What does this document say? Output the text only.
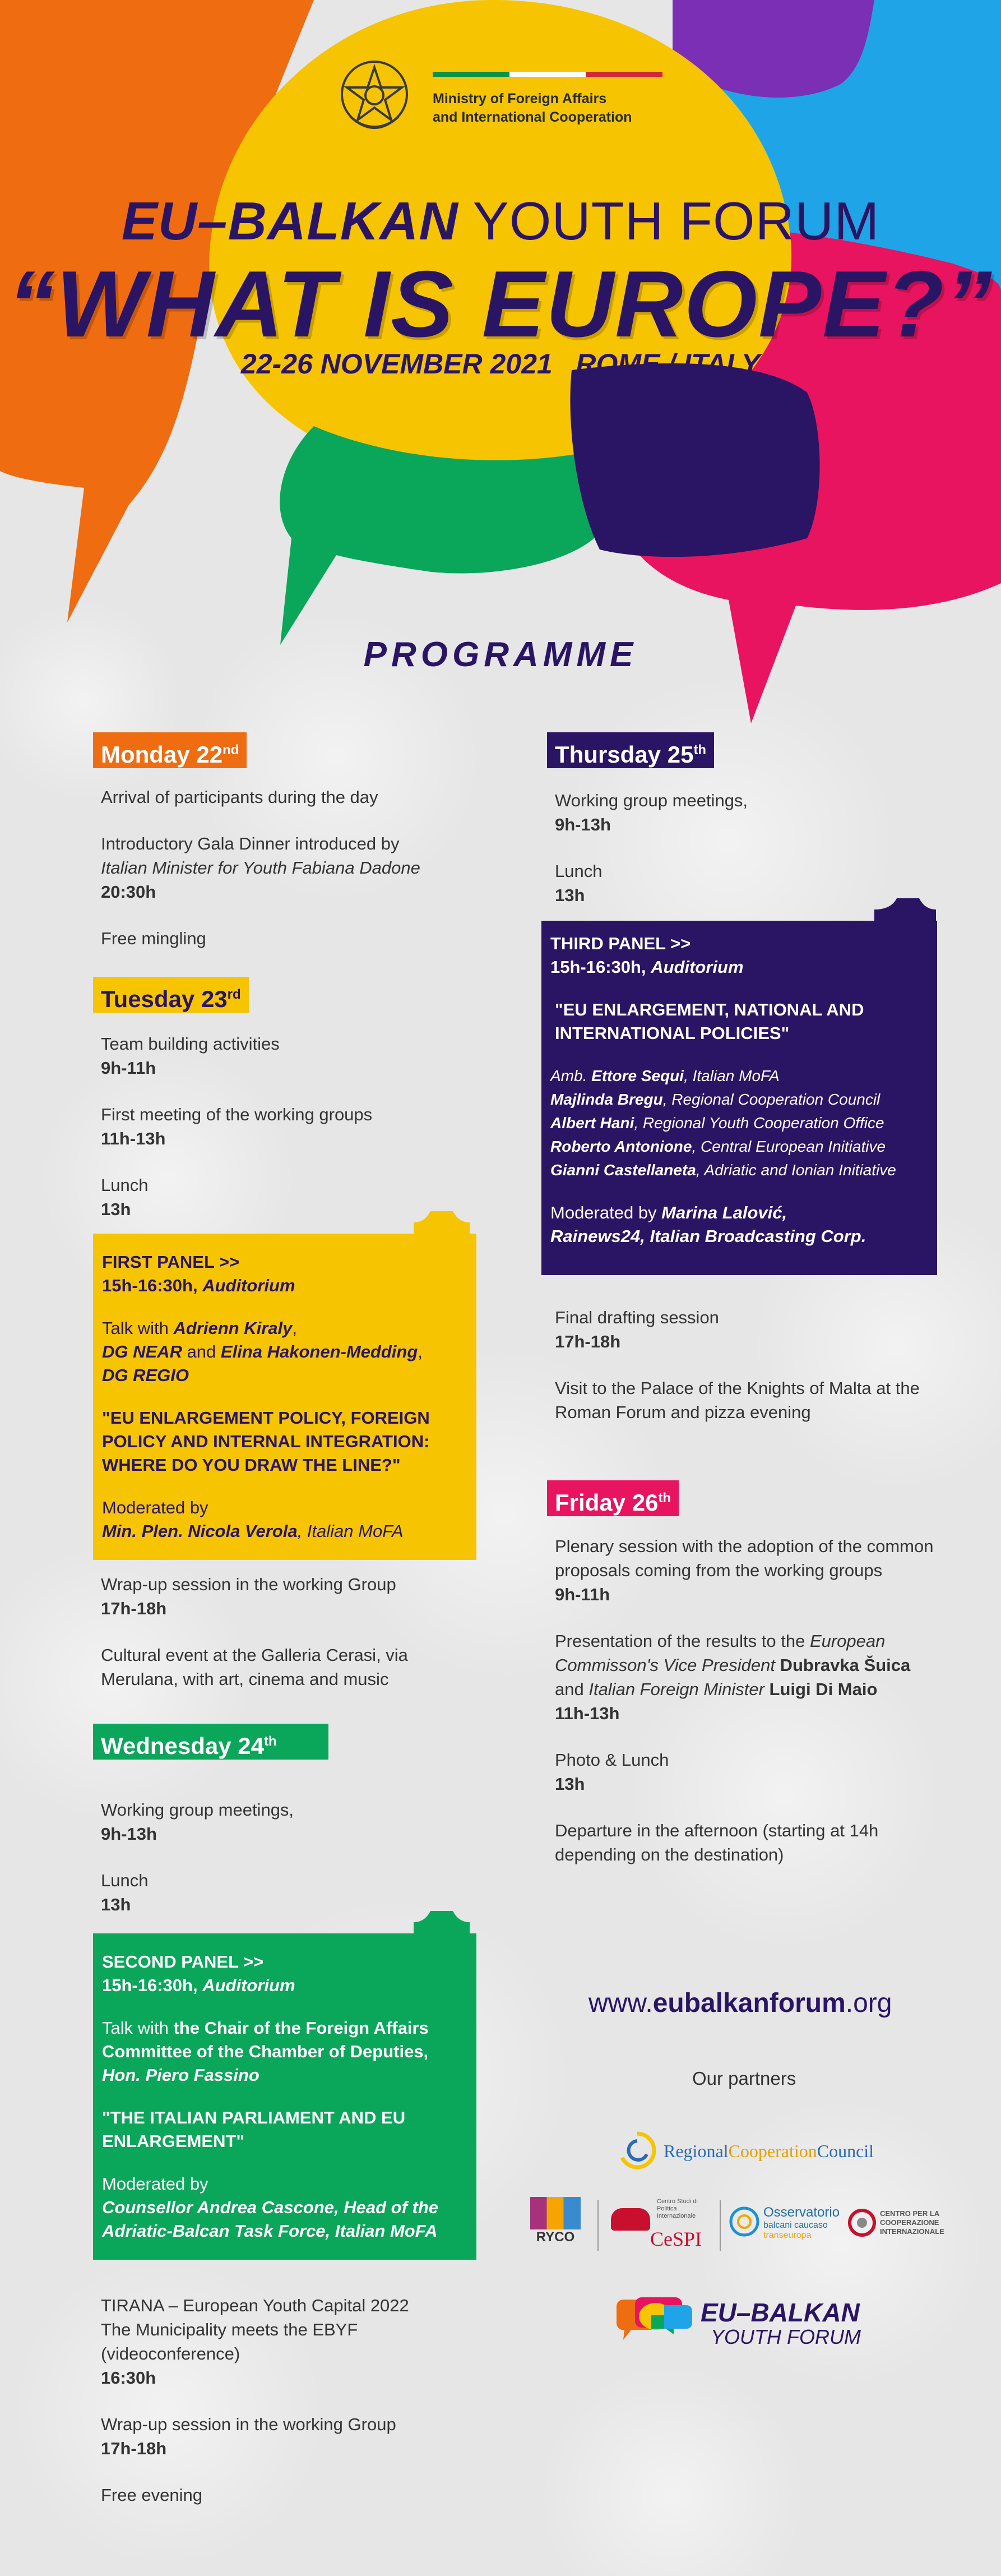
Ministry of Foreign Affairs
and International Cooperation
EU–BALKAN YOUTH FORUM
“WHAT IS EUROPE?”
22-26 NOVEMBER 2021 ROME / ITALY
PROGRAMME
Monday 22nd

Arrival of participants during the day

Introductory Gala Dinner introduced by
Italian Minister for Youth Fabiana Dadone
20:30h

Free mingling

Tuesday 23rd

Team building activities
9h-11h

First meeting of the working groups
11h-13h

Lunch
13h

FIRST PANEL >>
15h-16:30h, Auditorium

Talk with Adrienn Kiraly,
DG NEAR and Elina Hakonen-Medding,
DG REGIO

"EU ENLARGEMENT POLICY, FOREIGN POLICY AND INTERNAL INTEGRATION: WHERE DO YOU DRAW THE LINE?"

Moderated by
Min. Plen. Nicola Verola, Italian MoFA

Wrap-up session in the working Group
17h-18h

Cultural event at the Galleria Cerasi, via Merulana, with art, cinema and music

Wednesday 24th

Working group meetings,
9h-13h

Lunch
13h

SECOND PANEL >>
15h-16:30h, Auditorium

Talk with the Chair of the Foreign Affairs Committee of the Chamber of Deputies,
Hon. Piero Fassino

"THE ITALIAN PARLIAMENT AND EU ENLARGEMENT"

Moderated by
Counsellor Andrea Cascone, Head of the Adriatic-Balcan Task Force, Italian MoFA

TIRANA – European Youth Capital 2022
The Municipality meets the EBYF (videoconference)
16:30h

Wrap-up session in the working Group
17h-18h

Free evening

Thursday 25th

Working group meetings,
9h-13h

Lunch
13h

THIRD PANEL >>
15h-16:30h, Auditorium

"EU ENLARGEMENT, NATIONAL AND INTERNATIONAL POLICIES"

Amb. Ettore Sequi, Italian MoFA
Majlinda Bregu, Regional Cooperation Council
Albert Hani, Regional Youth Cooperation Office
Roberto Antonione, Central European Initiative
Gianni Castellaneta, Adriatic and Ionian Initiative

Moderated by Marina Lalović,
Rainews24, Italian Broadcasting Corp.

Final drafting session
17h-18h

Visit to the Palace of the Knights of Malta at the Roman Forum and pizza evening

Friday 26th

Plenary session with the adoption of the common proposals coming from the working groups
9h-11h

Presentation of the results to the European Commisson's Vice President Dubravka Šuica
and Italian Foreign Minister Luigi Di Maio
11h-13h

Photo & Lunch
13h

Departure in the afternoon (starting at 14h depending on the destination)

www.eubalkanforum.org
Our partners
RegionalCooperationCouncil
RYCO
Centro Studi di Politica Internazionale
CeSPI
Osservatorio
balcani caucaso
transeuropa
CENTRO PER LA
COOPERAZIONE
INTERNAZIONALE
EU–BALKAN
YOUTH FORUM
